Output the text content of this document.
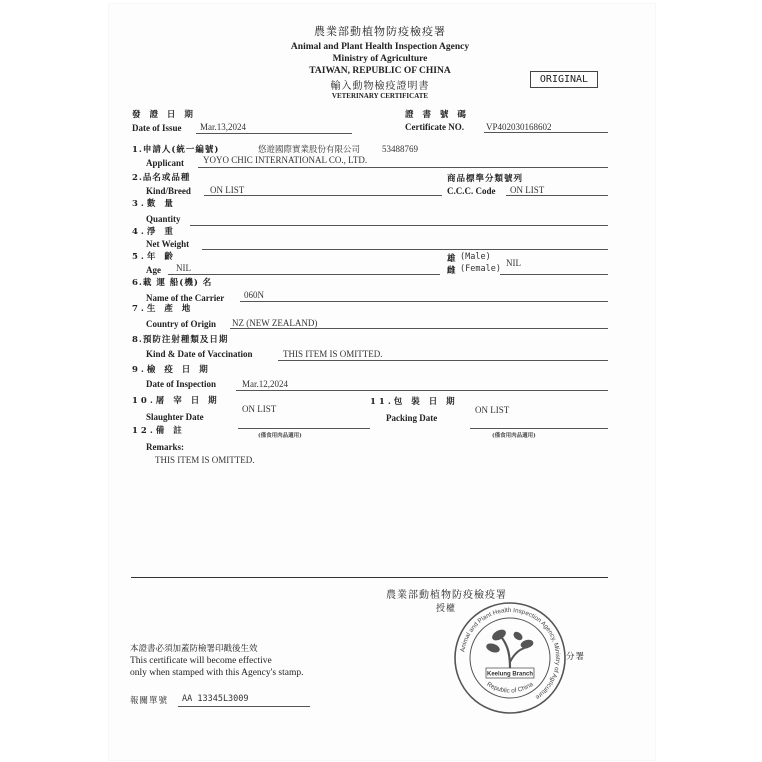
農業部動植物防疫檢疫署
Animal and Plant Health Inspection Agency
Ministry of Agriculture
TAIWAN, REPUBLIC OF CHINA
輸入動物檢疫證明書
VETERINARY CERTIFICATE
ORIGINAL
發 證 日 期
Date of Issue Mar.13,2024
證 書 號 碼
Certificate NO. VP402030168602
1.申請人(統一編號)	悠遊國際實業股份有限公司 53488769
Applicant YOYO CHIC INTERNATIONAL CO., LTD.
2.品名或品種
Kind/Breed ON LIST
商品標準分類號列
C.C.C. Code ON LIST
3.數 量
Quantity
4.淨 重
Net Weight
5.年 齡
Age NIL
雄 (Male)
雌 (Female)
NIL
6.載 運 船(機) 名
Name of the Carrier 060N
7.生 產 地
Country of Origin NZ (NEW ZEALAND)
8.預防注射種類及日期
Kind & Date of Vaccination	THIS ITEM IS OMITTED.
9.檢 疫 日 期
Date of Inspection	Mar.12,2024
10.屠 宰 日 期
Slaughter Date
ON LIST
(僅食用肉品適用)
11.包 裝 日 期
Packing Date
ON LIST
(僅食用肉品適用)
12.備 註
Remarks:
THIS ITEM IS OMITTED.
農業部動植物防疫檢疫署
授權
分署
本證書必須加蓋防檢署印戳後生效
This certificate will become effective
only when stamped with this Agency's stamp.
報關單號 AA 13345L3009
Animal and Plant Health Inspection Agency, Ministry of Agriculture
Republic of China
Keelung Branch
